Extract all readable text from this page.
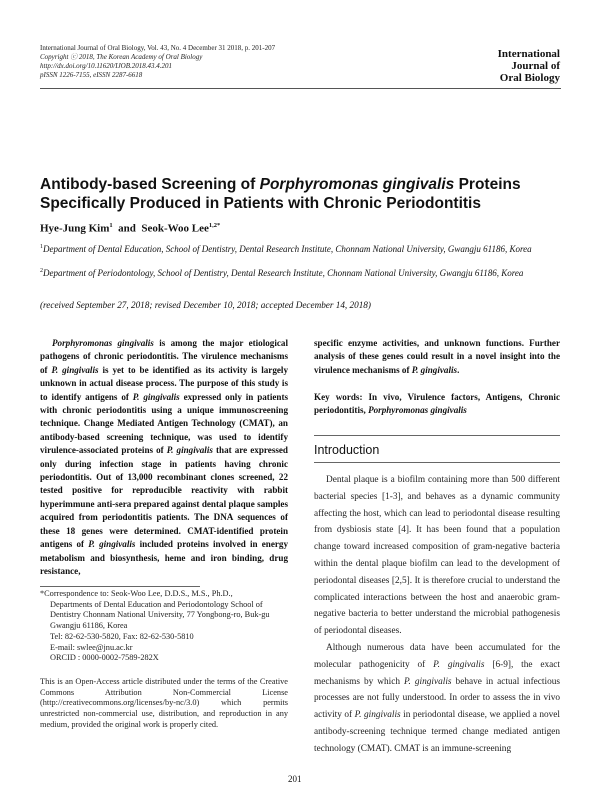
International Journal of Oral Biology, Vol. 43, No. 4 December 31 2018, p. 201-207
Copyright ⓒ 2018, The Korean Academy of Oral Biology
http://dx.doi.org/10.11620/IJOB.2018.43.4.201
pISSN 1226-7155, eISSN 2287-6618
International
Journal of
Oral Biology
Antibody-based Screening of Porphyromonas gingivalis Proteins Specifically Produced in Patients with Chronic Periodontitis
Hye-Jung Kim$^1$ and Seok-Woo Lee$^{1,2*}$
$^1$Department of Dental Education, School of Dentistry, Dental Research Institute, Chonnam National University, Gwangju 61186, Korea
$^2$Department of Periodontology, School of Dentistry, Dental Research Institute, Chonnam National University, Gwangju 61186, Korea
(received September 27, 2018; revised December 10, 2018; accepted December 14, 2018)

Porphyromonas gingivalis is among the major etiological pathogens of chronic periodontitis. The virulence mechanisms of P. gingivalis is yet to be identified as its activity is largely unknown in actual disease process. The purpose of this study is to identify antigens of P. gingivalis expressed only in patients with chronic periodontitis using a unique immunoscreening technique. Change Mediated Antigen Technology (CMAT), an antibody-based screening technique, was used to identify virulence-associated proteins of P. gingivalis that are expressed only during infection stage in patients having chronic periodontitis. Out of 13,000 recombinant clones screened, 22 tested positive for reproducible reactivity with rabbit hyperimmune anti-sera prepared against dental plaque samples acquired from periodontitis patients. The DNA sequences of these 18 genes were determined. CMAT-identified protein antigens of P. gingivalis included proteins involved in energy metabolism and biosynthesis, heme and iron binding, drug resistance,

specific enzyme activities, and unknown functions. Further analysis of these genes could result in a novel insight into the virulence mechanisms of P. gingivalis.

Key words: In vivo, Virulence factors, Antigens, Chronic periodontitis, Porphyromonas gingivalis
Introduction

Dental plaque is a biofilm containing more than 500 different bacterial species [1-3], and behaves as a dynamic community affecting the host, which can lead to periodontal disease resulting from dysbiosis state [4]. It has been found that a population change toward increased composition of gram-negative bacteria within the dental plaque biofilm can lead to the development of periodontal diseases [2,5]. It is therefore crucial to understand the complicated interactions between the host and anaerobic gram-negative bacteria to better understand the microbial pathogenesis of periodontal diseases.

Although numerous data have been accumulated for the molecular pathogenicity of P. gingivalis [6-9], the exact mechanisms by which P. gingivalis behave in actual infectious processes are not fully understood. In order to assess the in vivo activity of P. gingivalis in periodontal disease, we applied a novel antibody-screening technique termed change mediated antigen technology (CMAT). CMAT is an immune-screening

*Correspondence to: Seok-Woo Lee, D.D.S., M.S., Ph.D.,
Departments of Dental Education and Periodontology School of
Dentistry Chonnam National University, 77 Yongbong-ro, Buk-gu
Gwangju 61186, Korea
Tel: 82-62-530-5820, Fax: 82-62-530-5810
E-mail: swlee@jnu.ac.kr
ORCID : 0000-0002-7589-282X
This is an Open-Access article distributed under the terms of the Creative Commons Attribution Non-Commercial License (http://creativecommons.org/licenses/by-nc/3.0) which permits unrestricted non-commercial use, distribution, and reproduction in any medium, provided the original work is properly cited.
201
